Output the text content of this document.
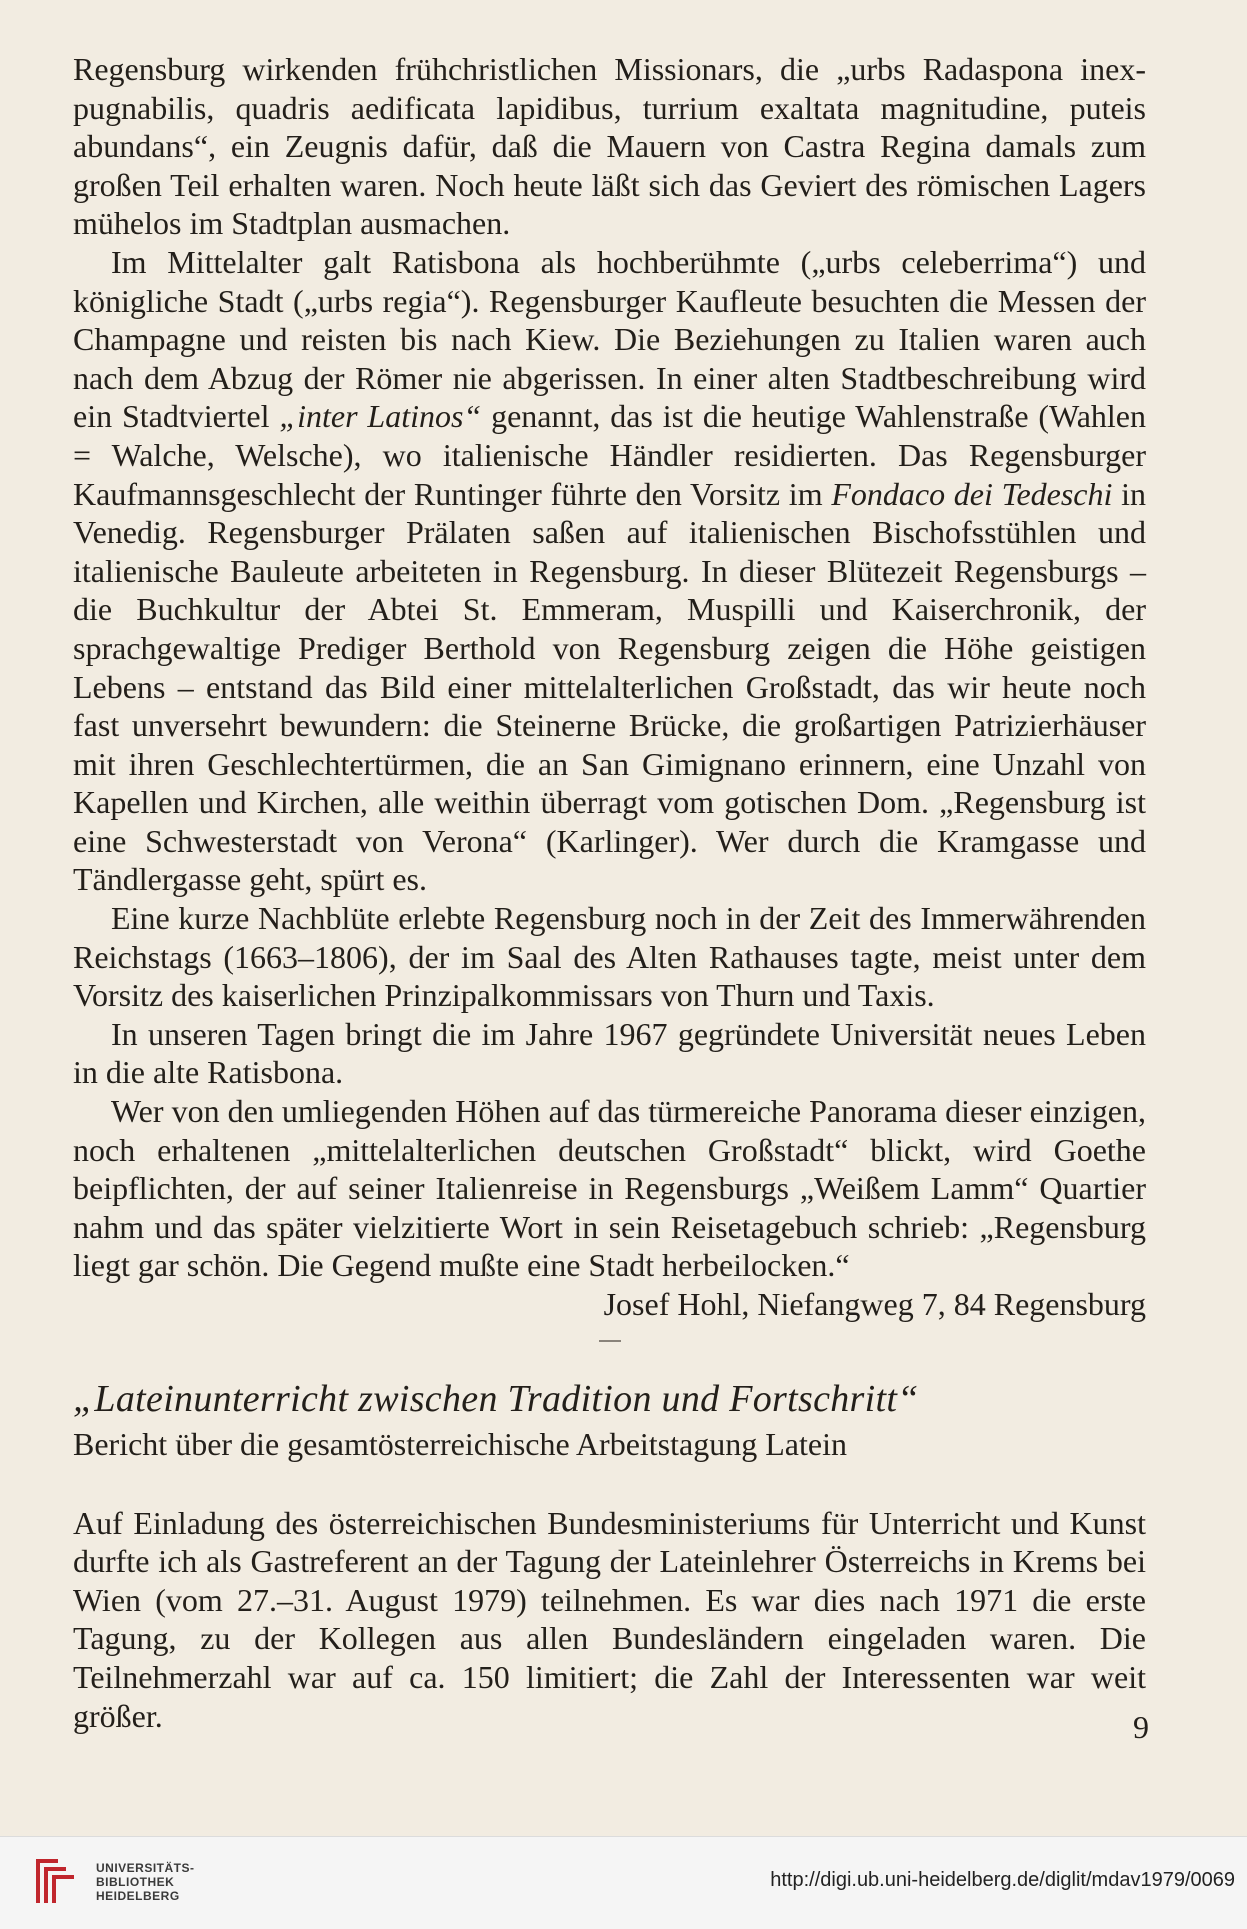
Regensburg wirkenden frühchristlichen Missionars, die „urbs Radaspona inexpugnabilis, quadris aedificata lapidibus, turrium exaltata magnitudine, puteis abundans“, ein Zeugnis dafür, daß die Mauern von Castra Regina damals zum großen Teil erhalten waren. Noch heute läßt sich das Geviert des römischen Lagers mühelos im Stadtplan ausmachen.

Im Mittelalter galt Ratisbona als hochberühmte („urbs celeberrima“) und königliche Stadt („urbs regia“). Regensburger Kaufleute besuchten die Messen der Champagne und reisten bis nach Kiew. Die Beziehungen zu Italien waren auch nach dem Abzug der Römer nie abgerissen. In einer alten Stadtbeschreibung wird ein Stadtviertel „inter Latinos“ genannt, das ist die heutige Wahlenstraße (Wahlen = Walche, Welsche), wo italienische Händler residierten. Das Regensburger Kaufmannsgeschlecht der Runtinger führte den Vorsitz im Fondaco dei Tedeschi in Venedig. Regensburger Prälaten saßen auf italienischen Bischofsstühlen und italienische Bauleute arbeiteten in Regensburg. In dieser Blütezeit Regensburgs – die Buchkultur der Abtei St. Emmeram, Muspilli und Kaiserchronik, der sprachgewaltige Prediger Berthold von Regensburg zeigen die Höhe geistigen Lebens – entstand das Bild einer mittelalterlichen Großstadt, das wir heute noch fast unversehrt bewundern: die Steinerne Brücke, die großartigen Patrizierhäuser mit ihren Geschlechtertürmen, die an San Gimignano erinnern, eine Unzahl von Kapellen und Kirchen, alle weithin überragt vom gotischen Dom. „Regensburg ist eine Schwesterstadt von Verona“ (Karlinger). Wer durch die Kramgasse und Tändlergasse geht, spürt es.

Eine kurze Nachblüte erlebte Regensburg noch in der Zeit des Immerwährenden Reichstags (1663–1806), der im Saal des Alten Rathauses tagte, meist unter dem Vorsitz des kaiserlichen Prinzipalkommissars von Thurn und Taxis.

In unseren Tagen bringt die im Jahre 1967 gegründete Universität neues Leben in die alte Ratisbona.

Wer von den umliegenden Höhen auf das türmereiche Panorama dieser einzigen, noch erhaltenen „mittelalterlichen deutschen Großstadt“ blickt, wird Goethe beipflichten, der auf seiner Italienreise in Regensburgs „Weißem Lamm“ Quartier nahm und das später vielzitierte Wort in sein Reisetagebuch schrieb: „Regensburg liegt gar schön. Die Gegend mußte eine Stadt herbeilocken.“

Josef Hohl, Niefangweg 7, 84 Regensburg

„Lateinunterricht zwischen Tradition und Fortschritt“

Bericht über die gesamtösterreichische Arbeitstagung Latein

Auf Einladung des österreichischen Bundesministeriums für Unterricht und Kunst durfte ich als Gastreferent an der Tagung der Lateinlehrer Österreichs in Krems bei Wien (vom 27.–31. August 1979) teilnehmen. Es war dies nach 1971 die erste Tagung, zu der Kollegen aus allen Bundesländern eingeladen waren. Die Teilnehmerzahl war auf ca. 150 limitiert; die Zahl der Interessenten war weit größer.	9
UNIVERSITÄTS-
BIBLIOTHEK
HEIDELBERG
http://digi.ub.uni-heidelberg.de/diglit/mdav1979/0069
